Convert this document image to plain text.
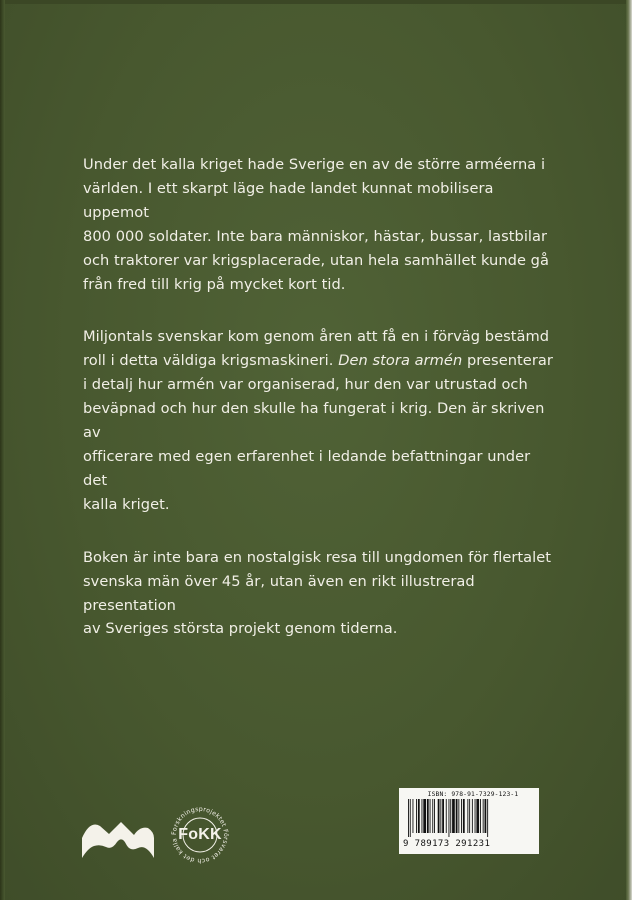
Under det kalla kriget hade Sverige en av de större arméerna i
världen. I ett skarpt läge hade landet kunnat mobilisera uppemot
800 000 soldater. Inte bara människor, hästar, bussar, lastbilar
och traktorer var krigsplacerade, utan hela samhället kunde gå
från fred till krig på mycket kort tid.

Miljontals svenskar kom genom åren att få en i förväg bestämd
roll i detta väldiga krigsmaskineri. Den stora armén presenterar
i detalj hur armén var organiserad, hur den var utrustad och
beväpnad och hur den skulle ha fungerat i krig. Den är skriven av
officerare med egen erfarenhet i ledande befattningar under det
kalla kriget.

Boken är inte bara en nostalgisk resa till ungdomen för flertalet
svenska män över 45 år, utan även en rikt illustrerad presentation
av Sveriges största projekt genom tiderna.

Forskningsprojektet Försvaret och det kalla FoKK
ISBN: 978-91-7329-123-1
9 789173 291231
